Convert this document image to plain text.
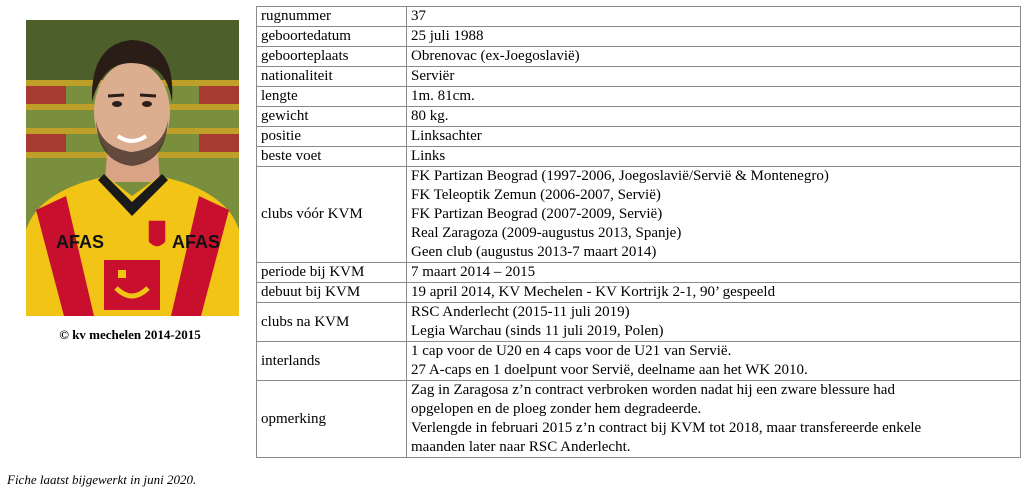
AFAS	AFAS
© kv mechelen 2014-2015
rugnummer	37

geboortedatum	25 juli 1988

geboorteplaats	Obrenovac (ex-Joegoslavië)

nationaliteit	Serviër

lengte	1m. 81cm.

gewicht	80 kg.

positie	Linksachter

beste voet	Links

clubs vóór KVM	FK Partizan Beograd (1997-2006, Joegoslavië/Servië & Montenegro)
FK Teleoptik Zemun (2006-2007, Servië)
FK Partizan Beograd (2007-2009, Servië)
Real Zaragoza (2009-augustus 2013, Spanje)
Geen club (augustus 2013-7 maart 2014)

periode bij KVM	7 maart 2014 – 2015

debuut bij KVM	19 april 2014, KV Mechelen - KV Kortrijk 2-1, 90’ gespeeld

clubs na KVM	RSC Anderlecht (2015-11 juli 2019)
Legia Warchau (sinds 11 juli 2019, Polen)

interlands	1 cap voor de U20 en 4 caps voor de U21 van Servië.
27 A-caps en 1 doelpunt voor Servië, deelname aan het WK 2010.

opmerking	Zag in Zaragosa z’n contract verbroken worden nadat hij een zware blessure had
opgelopen en de ploeg zonder hem degradeerde.
Verlengde in februari 2015 z’n contract bij KVM tot 2018, maar transfereerde enkele
maanden later naar RSC Anderlecht.
Fiche laatst bijgewerkt in juni 2020.
